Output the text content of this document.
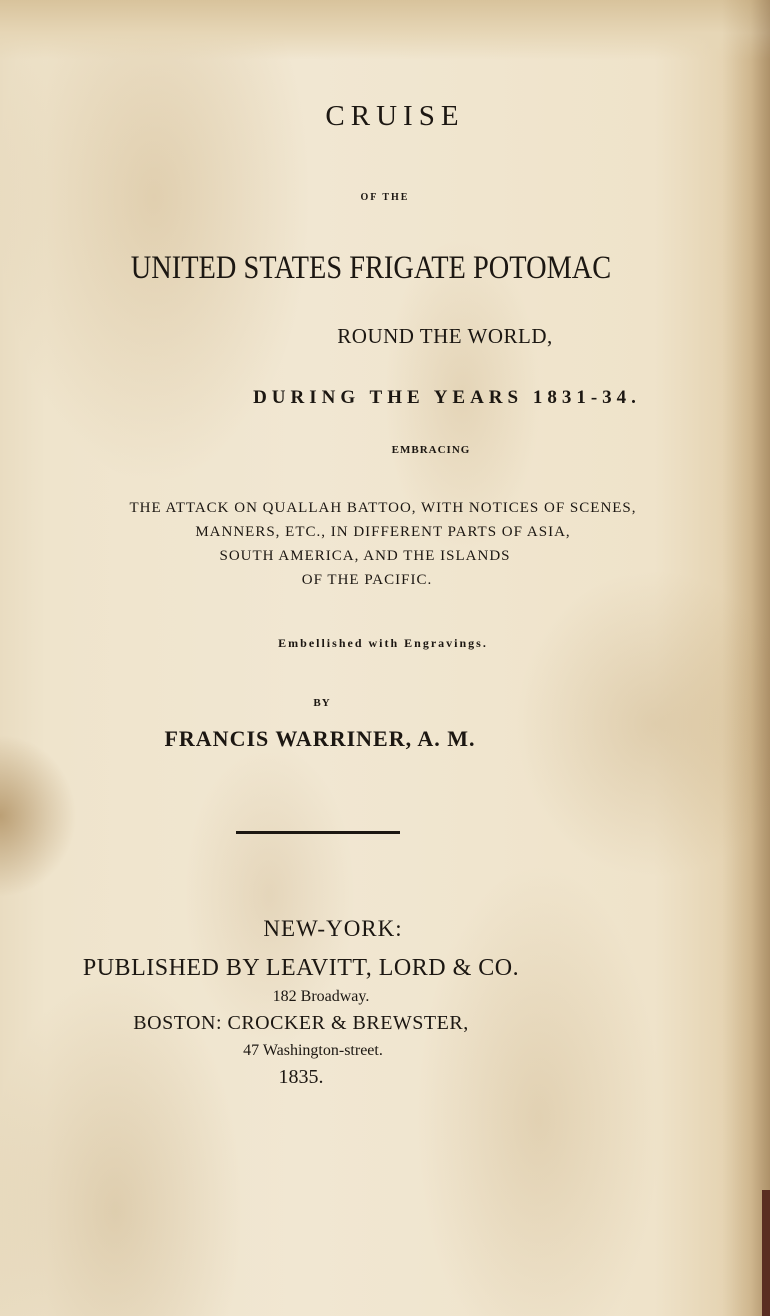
CRUISE
OF THE
UNITED STATES FRIGATE POTOMAC
ROUND THE WORLD,
DURING THE YEARS 1831-34.
EMBRACING
THE ATTACK ON QUALLAH BATTOO, WITH NOTICES OF SCENES,
MANNERS, ETC., IN DIFFERENT PARTS OF ASIA,
SOUTH AMERICA, AND THE ISLANDS
OF THE PACIFIC.
Embellished with Engravings.
BY
FRANCIS WARRINER, A. M.
NEW-YORK:
PUBLISHED BY LEAVITT, LORD & CO.
182 Broadway.
BOSTON: CROCKER & BREWSTER,
47 Washington-street.
1835.
